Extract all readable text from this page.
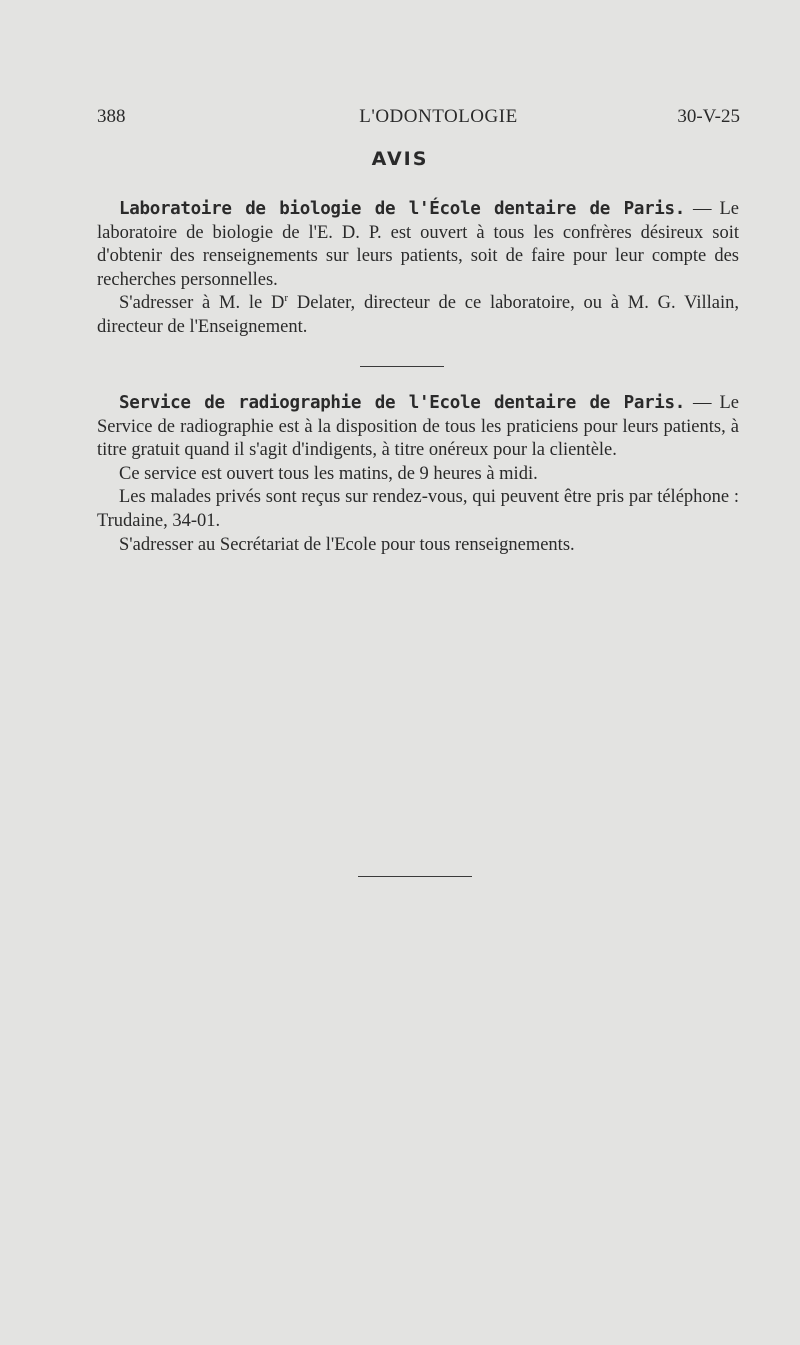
388	L'ODONTOLOGIE	30-V-25
AVIS

Laboratoire de biologie de l'École dentaire de Paris. — Le laboratoire de biologie de l'E. D. P. est ouvert à tous les confrères désireux soit d'obtenir des renseignements sur leurs patients, soit de faire pour leur compte des recherches personnelles.

S'adresser à M. le $D^r$ Delater, directeur de ce laboratoire, ou à M. G. Villain, directeur de l'Enseignement.

Service de radiographie de l'Ecole dentaire de Paris. — Le Service de radiographie est à la disposition de tous les praticiens pour leurs patients, à titre gratuit quand il s'agit d'indigents, à titre onéreux pour la clientèle.

Ce service est ouvert tous les matins, de 9 heures à midi.

Les malades privés sont reçus sur rendez-vous, qui peuvent être pris par téléphone : Trudaine, 34-01.

S'adresser au Secrétariat de l'Ecole pour tous renseignements.
